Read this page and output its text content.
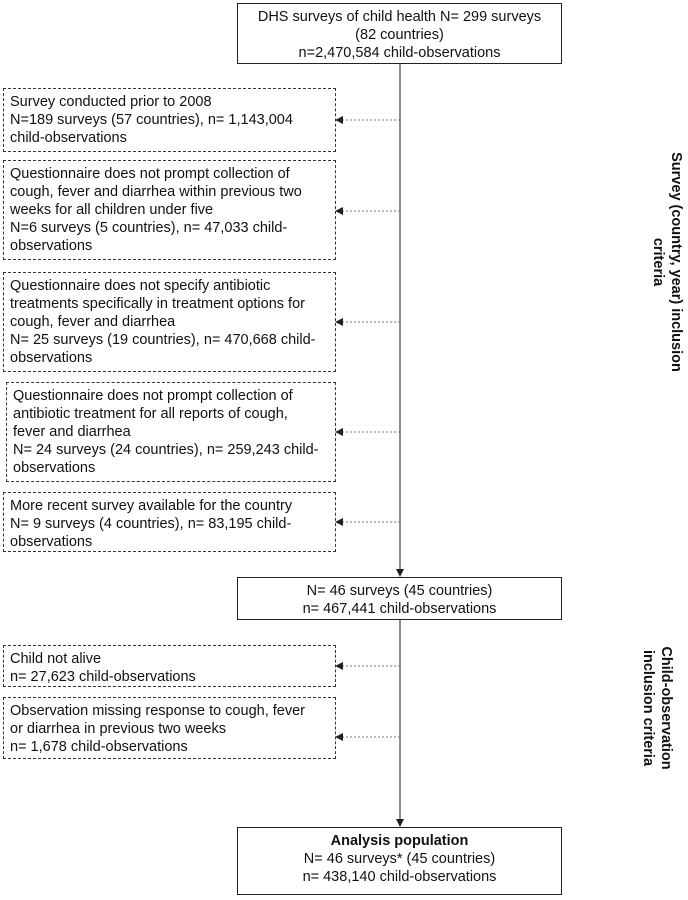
DHS surveys of child health N= 299 surveys
(82 countries)
n=2,470,584 child-observations
Survey conducted prior to 2008
N=189 surveys (57 countries), n= 1,143,004
child-observations
Questionnaire does not prompt collection of
cough, fever and diarrhea within previous two
weeks for all children under five
N=6 surveys (5 countries), n= 47,033 child-
observations
Questionnaire does not specify antibiotic
treatments specifically in treatment options for
cough, fever and diarrhea
N= 25 surveys (19 countries), n= 470,668 child-
observations
Questionnaire does not prompt collection of
antibiotic treatment for all reports of cough,
fever and diarrhea
N= 24 surveys (24 countries), n= 259,243 child-
observations
More recent survey available for the country
N= 9 surveys (4 countries), n= 83,195 child-
observations
N= 46 surveys (45 countries)
n= 467,441 child-observations
Child not alive
n= 27,623 child-observations
Observation missing response to cough, fever
or diarrhea in previous two weeks
n= 1,678 child-observations
Analysis population
N= 46 surveys* (45 countries)
n= 438,140 child-observations
Survey (country, year) inclusion
criteria
Child-observation
inclusion criteria
